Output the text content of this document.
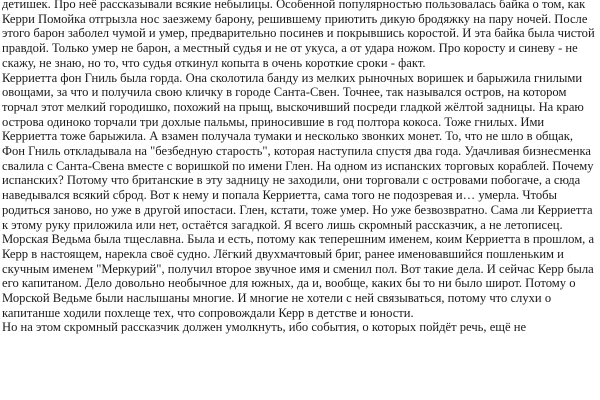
детишек. Про неё рассказывали всякие небылицы. Особенной популярностью пользовалась байка о том, как Керри Помойка отгрызла нос заезжему барону, решившему приютить дикую бродяжку на пару ночей. После этого барон заболел чумой и умер, предварительно посинев и покрывшись коростой. И эта байка была чистой правдой. Только умер не барон, а местный судья и не от укуса, а от удара ножом. Про коросту и синеву - не скажу, не знаю, но то, что судья откинул копыта в очень короткие сроки - факт.

Керриетта фон Гниль была горда. Она сколотила банду из мелких рыночных воришек и барыжила гнилыми овощами, за что и получила свою кличку в городе Санта-Свен. Точнее, так назывался остров, на котором торчал этот мелкий городишко, похожий на прыщ, выскочивший посреди гладкой жёлтой задницы. На краю острова одиноко торчали три дохлые пальмы, приносившие в год полтора кокоса. Тоже гнилых. Ими Керриетта тоже барыжила. А взамен получала тумаки и несколько звонких монет. То, что не шло в общак, Фон Гниль откладывала на "безбедную старость", которая наступила спустя два года. Удачливая бизнесменка свалила с Санта-Свена вместе с воришкой по имени Глен. На одном из испанских торговых кораблей. Почему испанских? Потому что британские в эту задницу не заходили, они торговали с островами побогаче, а сюда наведывался всякий сброд. Вот к нему и попала Керриетта, сама того не подозревая и… умерла. Чтобы родиться заново, но уже в другой ипостаси. Глен, кстати, тоже умер. Но уже безвозвратно. Сама ли Керриетта к этому руку приложила или нет, остаётся загадкой. Я всего лишь скромный рассказчик, а не летописец.

Морская Ведьма была тщеславна. Была и есть, потому как теперешним именем, коим Керриетта в прошлом, а Керр в настоящем, нарекла своё судно. Лёгкий двухмачтовый бриг, ранее именовавшийся пошленьким и скучным именем "Меркурий", получил второе звучное имя и сменил пол. Вот такие дела. И сейчас Керр была его капитаном. Дело довольно необычное для южных, да и, вообще, каких бы то ни было широт. Потому о Морской Ведьме были наслышаны многие. И многие не хотели с ней связываться, потому что слухи о капитанше ходили похлеще тех, что сопровождали Керр в детстве и юности.

Но на этом скромный рассказчик должен умолкнуть, ибо события, о которых пойдёт речь, ещё не
